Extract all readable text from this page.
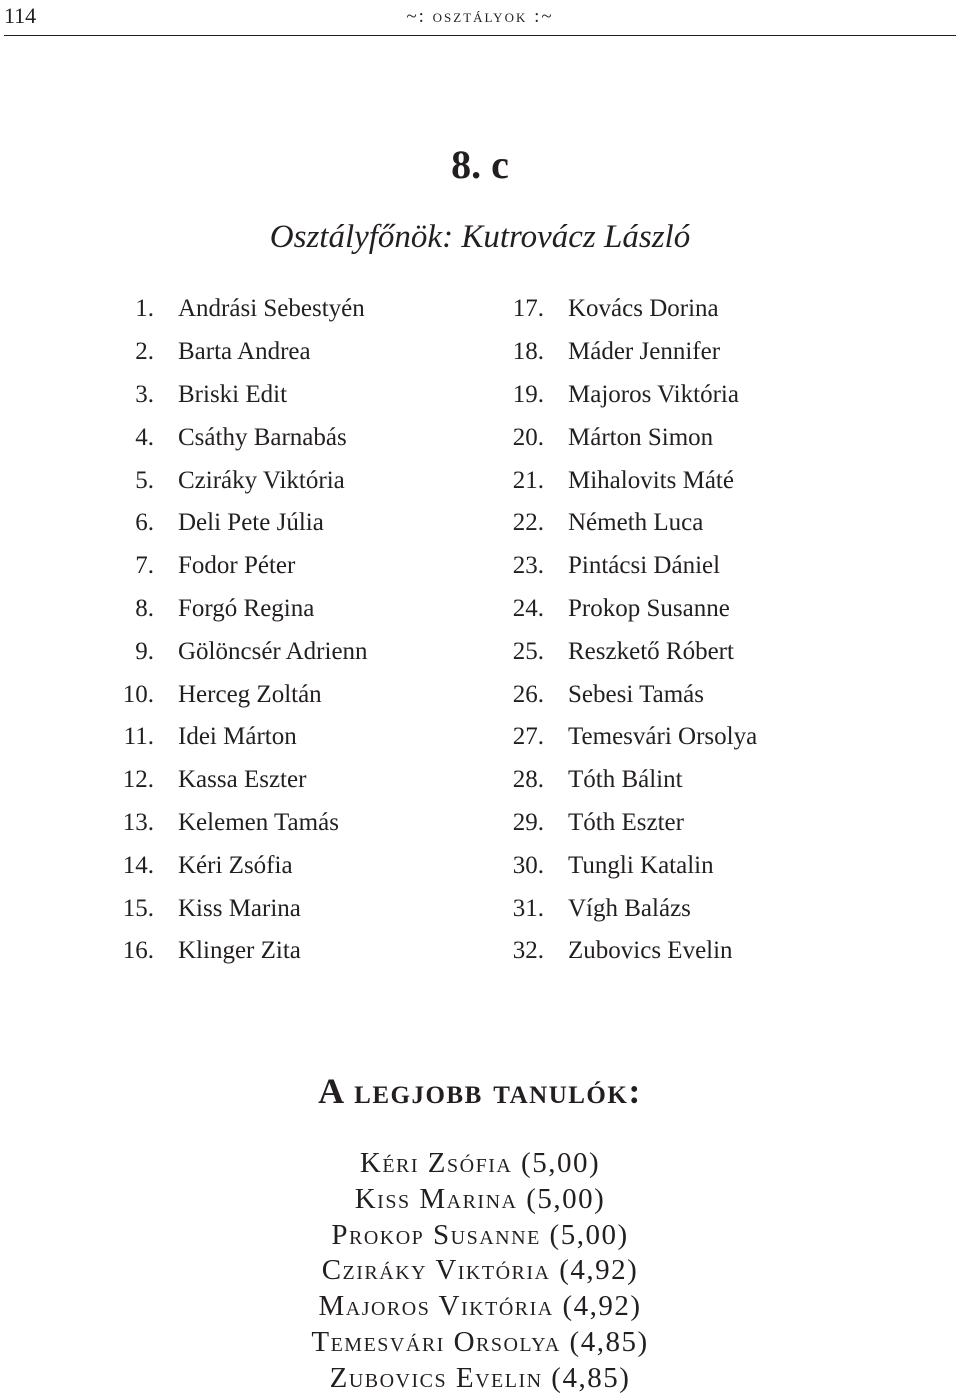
114	~: osztályok :~
8. c
Osztályfőnök: Kutrovácz László
1. Andrási Sebestyén
2. Barta Andrea
3. Briski Edit
4. Csáthy Barnabás
5. Cziráky Viktória
6. Deli Pete Júlia
7. Fodor Péter
8. Forgó Regina
9. Gölöncsér Adrienn
10. Herceg Zoltán
11. Idei Márton
12. Kassa Eszter
13. Kelemen Tamás
14. Kéri Zsófia
15. Kiss Marina
16. Klinger Zita
17. Kovács Dorina
18. Máder Jennifer
19. Majoros Viktória
20. Márton Simon
21. Mihalovits Máté
22. Németh Luca
23. Pintácsi Dániel
24. Prokop Susanne
25. Reszkető Róbert
26. Sebesi Tamás
27. Temesvári Orsolya
28. Tóth Bálint
29. Tóth Eszter
30. Tungli Katalin
31. Vígh Balázs
32. Zubovics Evelin
A legjobb tanulók:
Kéri Zsófia (5,00)
Kiss Marina (5,00)
Prokop Susanne (5,00)
Cziráky Viktória (4,92)
Majoros Viktória (4,92)
Temesvári Orsolya (4,85)
Zubovics Evelin (4,85)
